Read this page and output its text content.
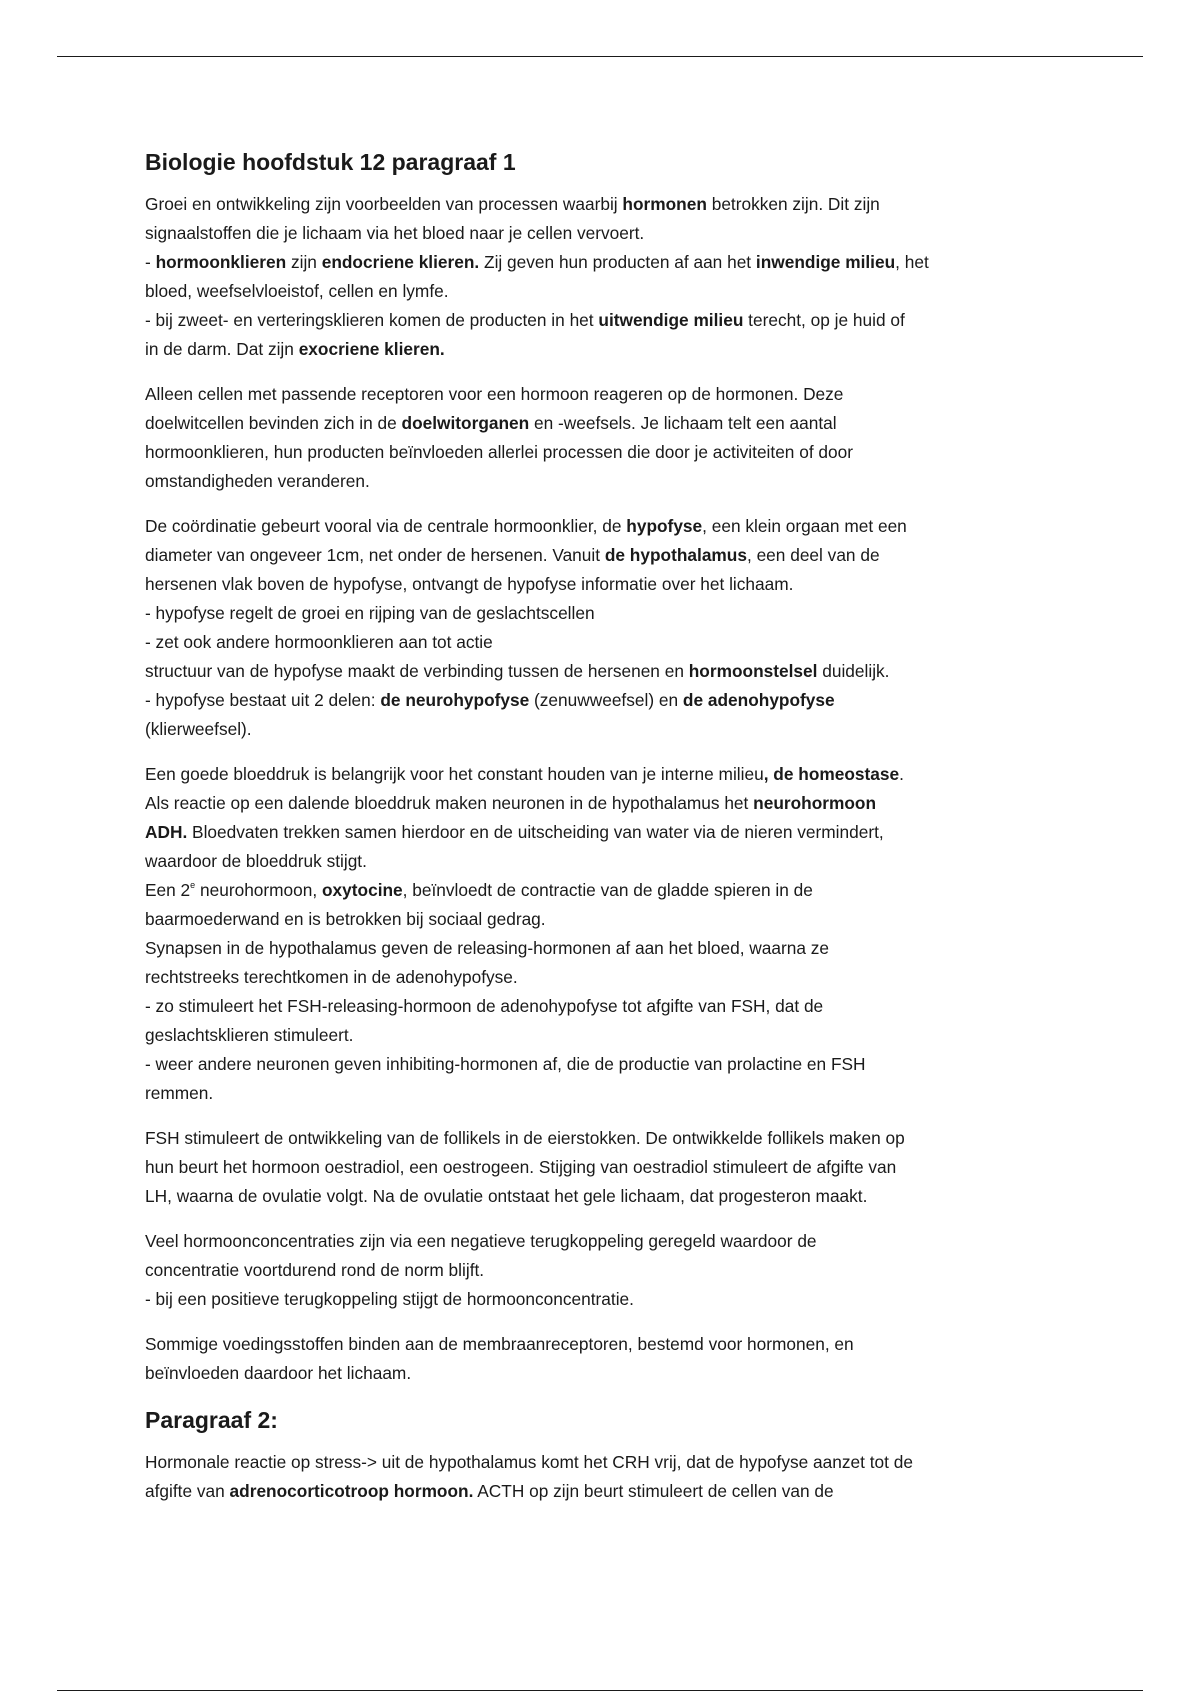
Biologie hoofdstuk 12 paragraaf 1
Groei en ontwikkeling zijn voorbeelden van processen waarbij hormonen betrokken zijn. Dit zijn
signaalstoffen die je lichaam via het bloed naar je cellen vervoert.
- hormoonklieren zijn endocriene klieren. Zij geven hun producten af aan het inwendige milieu, het
bloed, weefselvloeistof, cellen en lymfe.
- bij zweet- en verteringsklieren komen de producten in het uitwendige milieu terecht, op je huid of
in de darm. Dat zijn exocriene klieren.
Alleen cellen met passende receptoren voor een hormoon reageren op de hormonen. Deze
doelwitcellen bevinden zich in de doelwitorganen en -weefsels. Je lichaam telt een aantal
hormoonklieren, hun producten beïnvloeden allerlei processen die door je activiteiten of door
omstandigheden veranderen.
De coördinatie gebeurt vooral via de centrale hormoonklier, de hypofyse, een klein orgaan met een
diameter van ongeveer 1cm, net onder de hersenen. Vanuit de hypothalamus, een deel van de
hersenen vlak boven de hypofyse, ontvangt de hypofyse informatie over het lichaam.
- hypofyse regelt de groei en rijping van de geslachtscellen
- zet ook andere hormoonklieren aan tot actie
structuur van de hypofyse maakt de verbinding tussen de hersenen en hormoonstelsel duidelijk.
- hypofyse bestaat uit 2 delen: de neurohypofyse (zenuwweefsel) en de adenohypofyse
(klierweefsel).
Een goede bloeddruk is belangrijk voor het constant houden van je interne milieu, de homeostase.
Als reactie op een dalende bloeddruk maken neuronen in de hypothalamus het neurohormoon
ADH. Bloedvaten trekken samen hierdoor en de uitscheiding van water via de nieren vermindert,
waardoor de bloeddruk stijgt.
Een 2e neurohormoon, oxytocine, beïnvloedt de contractie van de gladde spieren in de
baarmoederwand en is betrokken bij sociaal gedrag.
Synapsen in de hypothalamus geven de releasing-hormonen af aan het bloed, waarna ze
rechtstreeks terechtkomen in de adenohypofyse.
- zo stimuleert het FSH-releasing-hormoon de adenohypofyse tot afgifte van FSH, dat de
geslachtsklieren stimuleert.
- weer andere neuronen geven inhibiting-hormonen af, die de productie van prolactine en FSH
remmen.
FSH stimuleert de ontwikkeling van de follikels in de eierstokken. De ontwikkelde follikels maken op
hun beurt het hormoon oestradiol, een oestrogeen. Stijging van oestradiol stimuleert de afgifte van
LH, waarna de ovulatie volgt. Na de ovulatie ontstaat het gele lichaam, dat progesteron maakt.
Veel hormoonconcentraties zijn via een negatieve terugkoppeling geregeld waardoor de
concentratie voortdurend rond de norm blijft.
- bij een positieve terugkoppeling stijgt de hormoonconcentratie.
Sommige voedingsstoffen binden aan de membraanreceptoren, bestemd voor hormonen, en
beïnvloeden daardoor het lichaam.
Paragraaf 2:
Hormonale reactie op stress-> uit de hypothalamus komt het CRH vrij, dat de hypofyse aanzet tot de
afgifte van adrenocorticotroop hormoon. ACTH op zijn beurt stimuleert de cellen van de
